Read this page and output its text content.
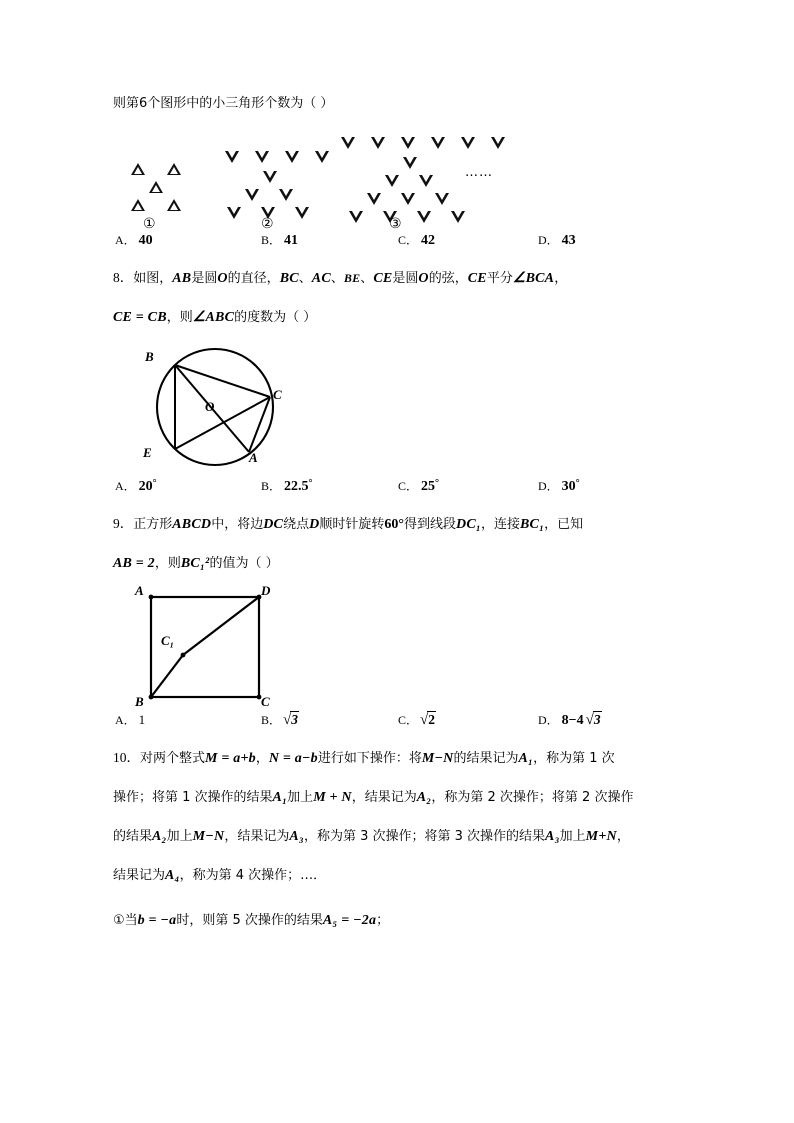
则第6个图形中的小三角形个数为（ ）
①	②	③
……
A． 40	B． 41	C． 42	D． 43
8．如图，AB是圆O的直径，BC、AC、BE、CE是圆O的弦，CE平分∠BCA，
CE = CB，则∠ABC的度数为（ ）
B
C
O
E	A
A． 20°	B． 22.5°	C． 25°	D． 30°
9．正方形ABCD中，将边DC绕点D顺时针旋转60°得到线段DC₁，连接BC₁，已知
AB = 2，则BC₁²的值为（ ）
A	D
C₁
B	C
A． 1	B． √3	C． √2	D． 8−4 √3
10．对两个整式M = a+b，N = a−b进行如下操作：将M−N的结果记为A₁，称为第 1 次
操作；将第 1 次操作的结果A₁加上M + N，结果记为A₂，称为第 2 次操作；将第 2 次操作
的结果A₂加上M−N，结果记为A₃，称为第 3 次操作；将第 3 次操作的结果A₃加上M+N，
结果记为A₄，称为第 4 次操作；…．
①当b = −a时，则第 5 次操作的结果A₅ = −2a；
